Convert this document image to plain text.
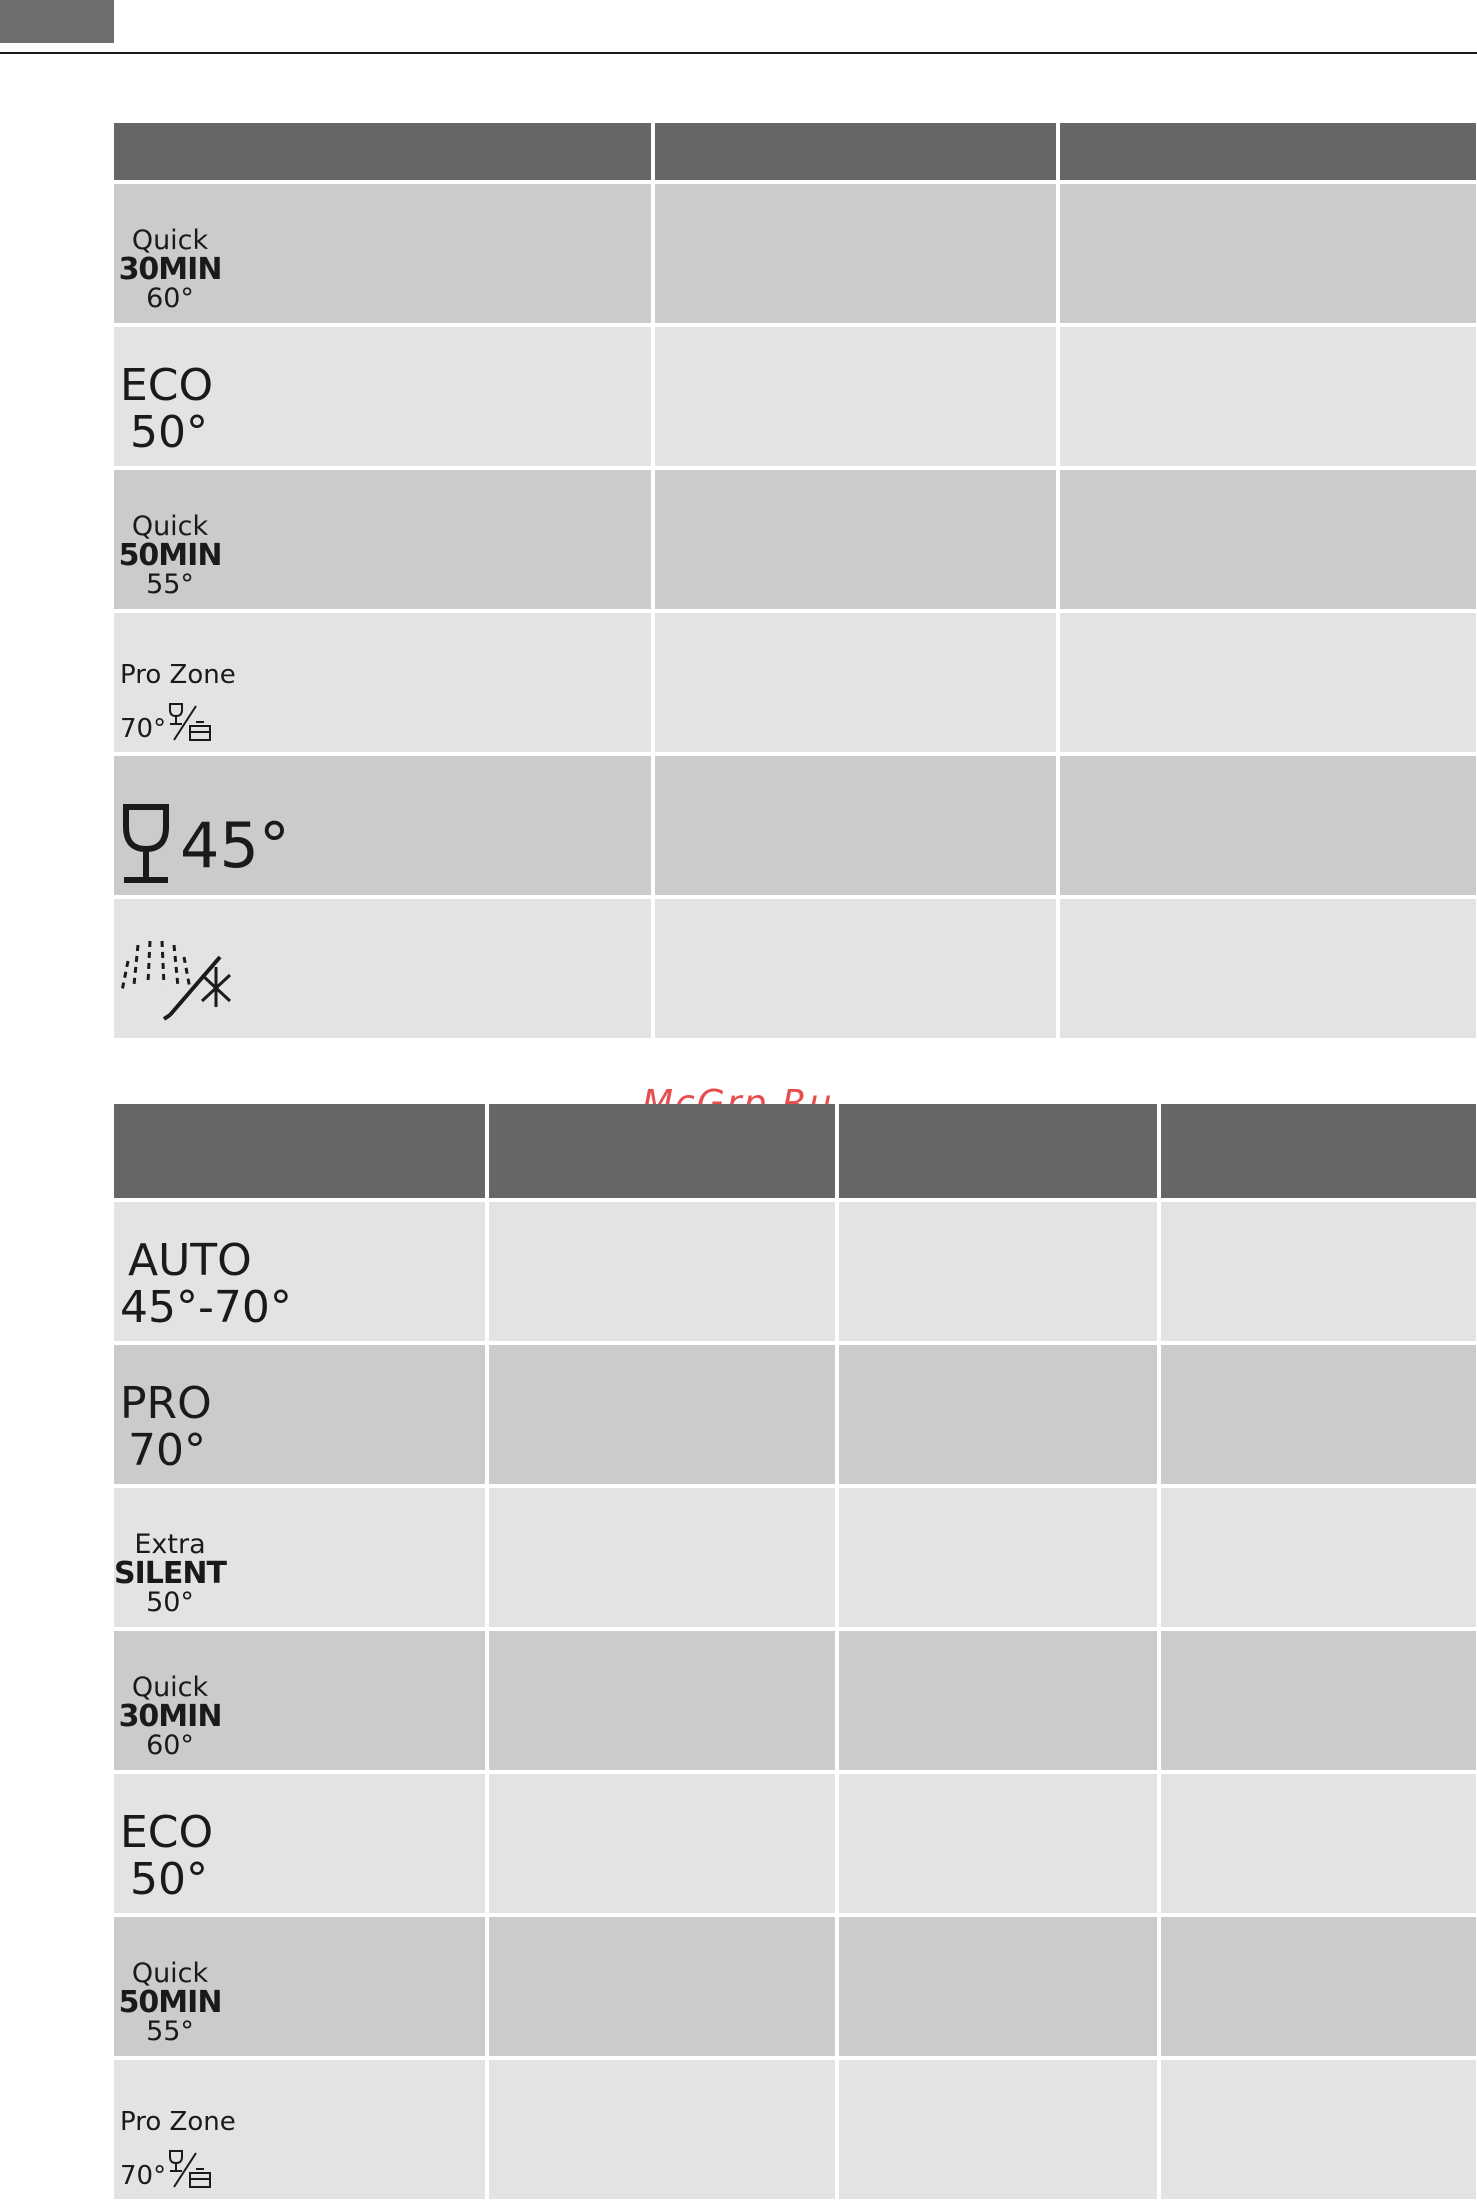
Quick
30MIN
60°
ECO
50°
Quick
50MIN
55°
Pro Zone
70°
45°
AUTO
45°-70°
PRO
70°
Extra
SILENT
50°
Quick
30MIN
60°
ECO
50°
Quick
50MIN
55°
Pro Zone
70°
